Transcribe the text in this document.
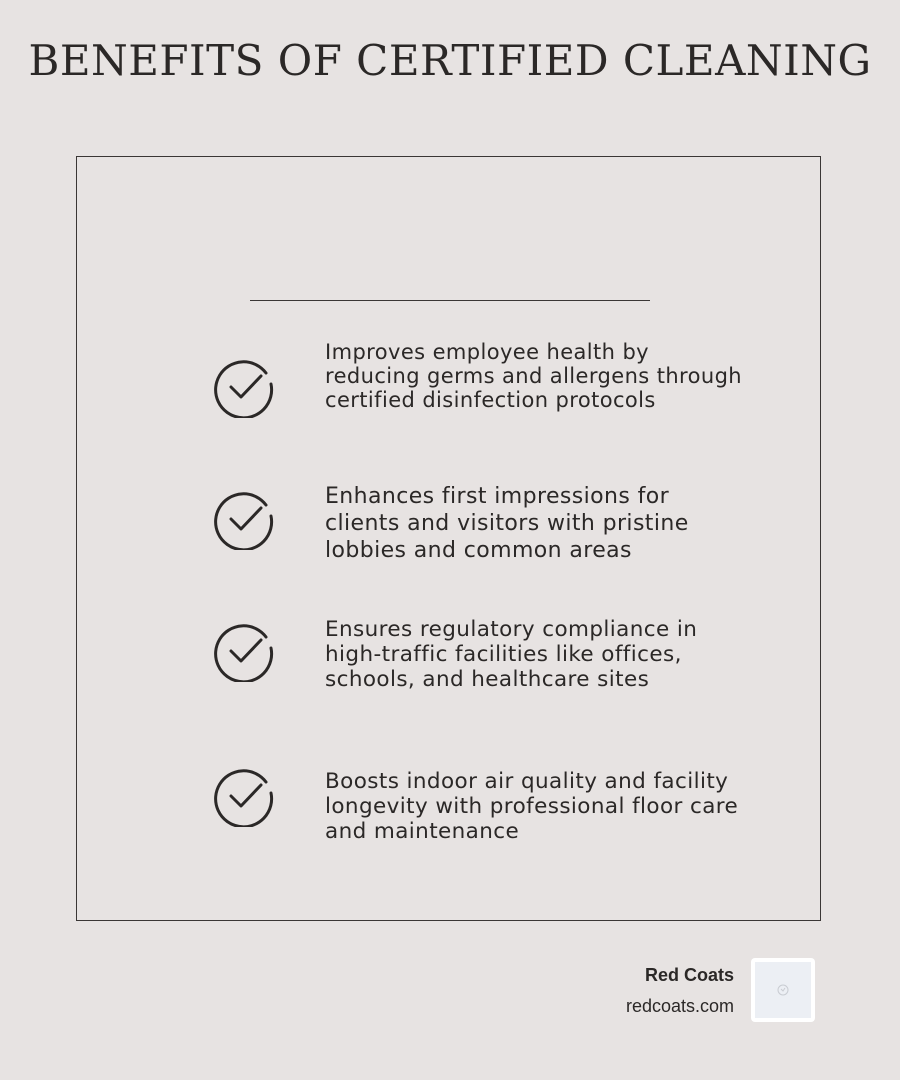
BENEFITS OF CERTIFIED CLEANING
Improves employee health by reducing germs and allergens through certified disinfection protocols
Enhances first impressions for clients and visitors with pristine lobbies and common areas
Ensures regulatory compliance in high-traffic facilities like offices, schools, and healthcare sites
Boosts indoor air quality and facility longevity with professional floor care and maintenance
Red Coats
redcoats.com
